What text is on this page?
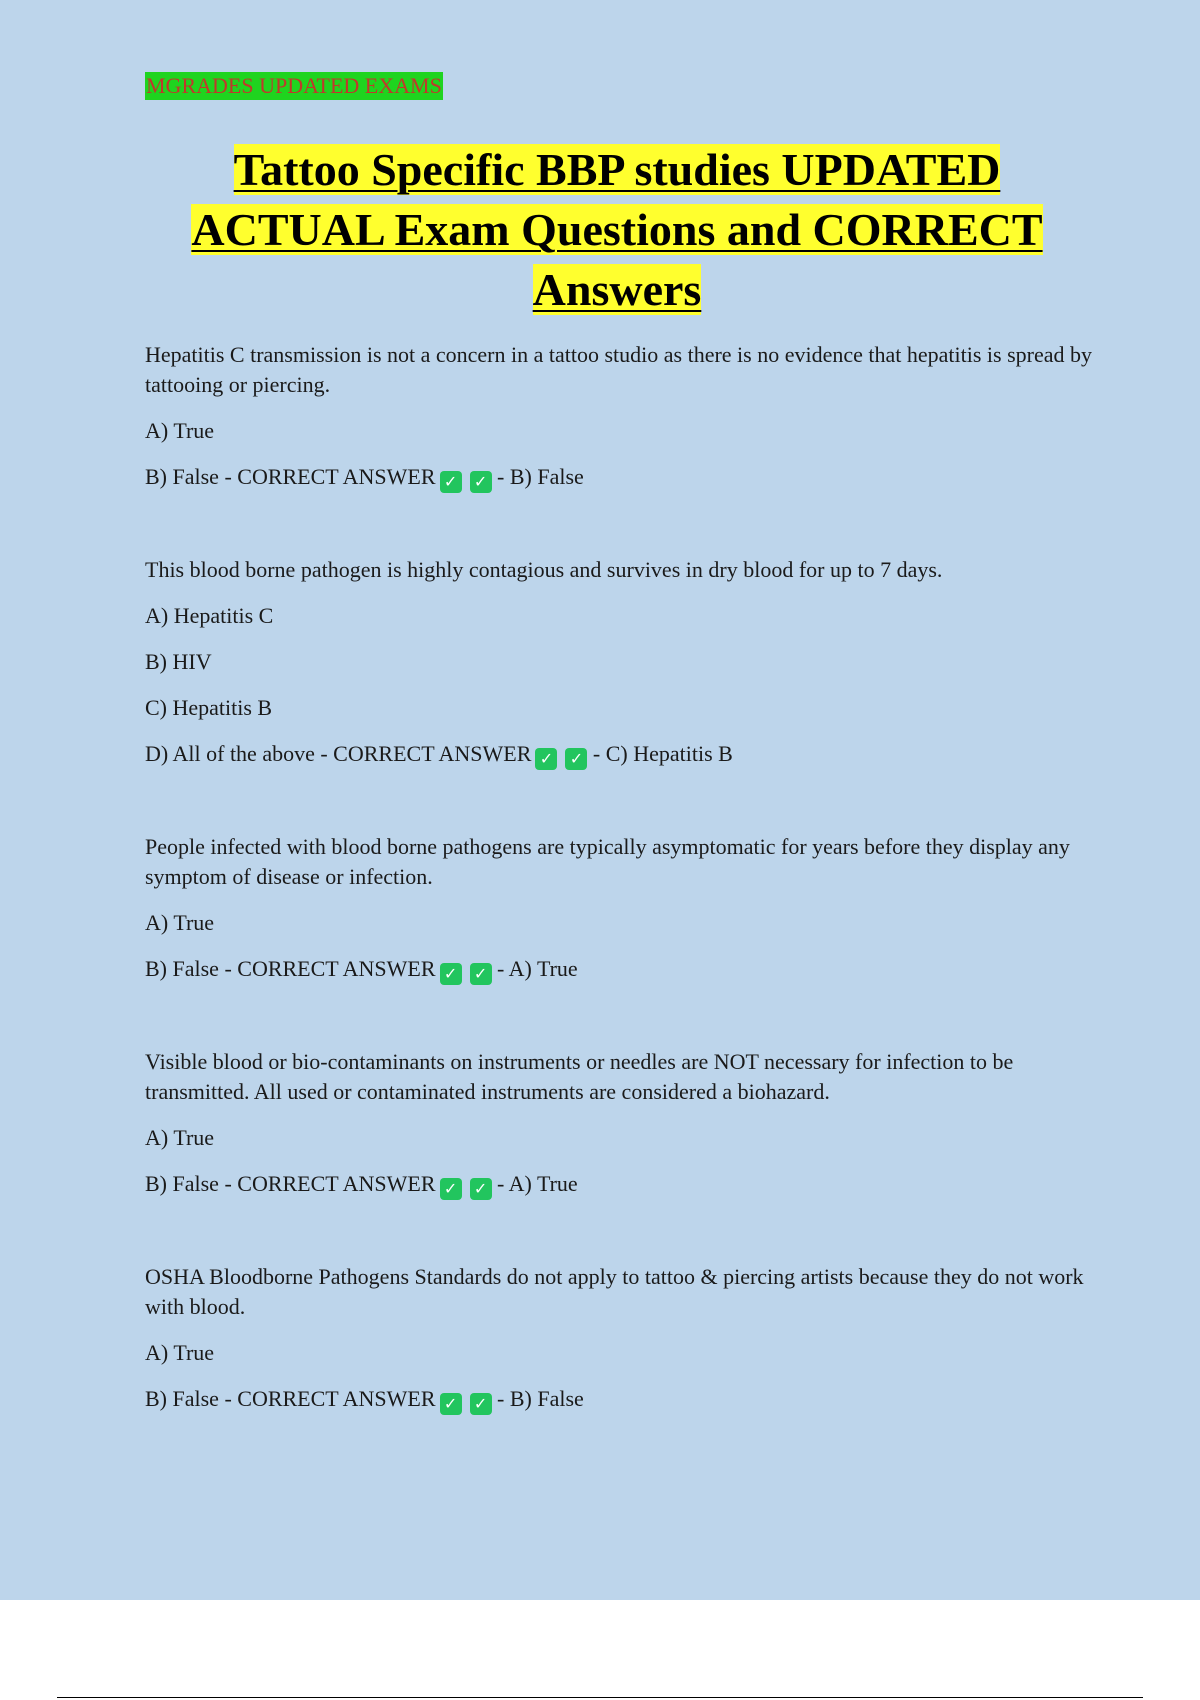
MGRADES UPDATED EXAMS
Tattoo Specific BBP studies UPDATED
ACTUAL Exam Questions and CORRECT
Answers

Hepatitis C transmission is not a concern in a tattoo studio as there is no evidence that hepatitis is spread by tattooing or piercing.

A) True

B) False - CORRECT ANSWER ✓ ✓ - B) False

This blood borne pathogen is highly contagious and survives in dry blood for up to 7 days.

A) Hepatitis C

B) HIV

C) Hepatitis B

D) All of the above - CORRECT ANSWER ✓ ✓ - C) Hepatitis B

People infected with blood borne pathogens are typically asymptomatic for years before they display any symptom of disease or infection.

A) True

B) False - CORRECT ANSWER ✓ ✓ - A) True

Visible blood or bio-contaminants on instruments or needles are NOT necessary for infection to be transmitted. All used or contaminated instruments are considered a biohazard.

A) True

B) False - CORRECT ANSWER ✓ ✓ - A) True

OSHA Bloodborne Pathogens Standards do not apply to tattoo & piercing artists because they do not work with blood.

A) True

B) False - CORRECT ANSWER ✓ ✓ - B) False
